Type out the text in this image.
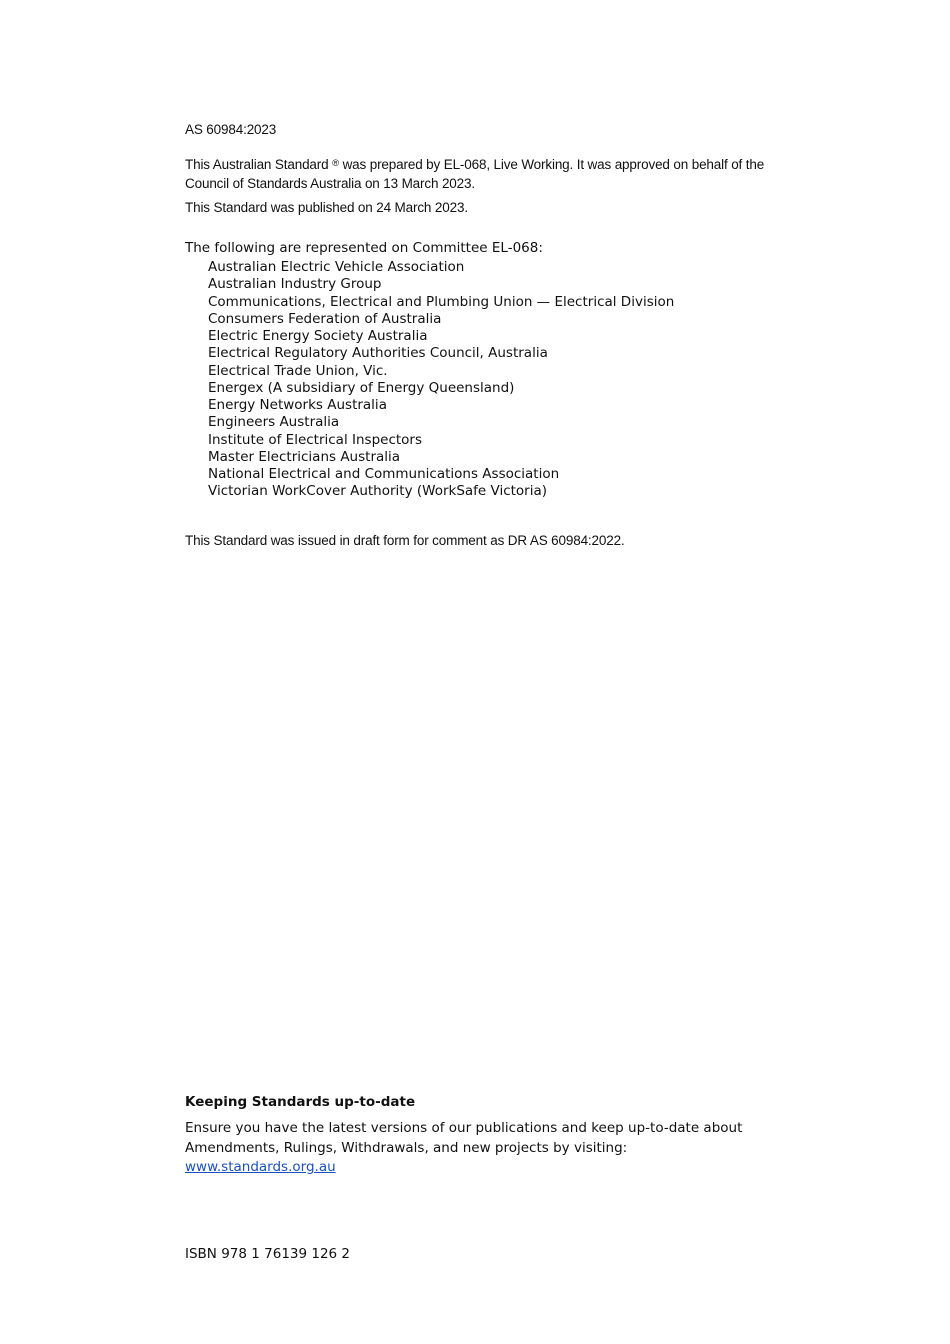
AS 60984:2023

This Australian Standard ® was prepared by EL-068, Live Working. It was approved on behalf of the Council of Standards Australia on 13 March 2023.

This Standard was published on 24 March 2023.
The following are represented on Committee EL-068:
Australian Electric Vehicle Association
Australian Industry Group
Communications, Electrical and Plumbing Union — Electrical Division
Consumers Federation of Australia
Electric Energy Society Australia
Electrical Regulatory Authorities Council, Australia
Electrical Trade Union, Vic.
Energex (A subsidiary of Energy Queensland)
Energy Networks Australia
Engineers Australia
Institute of Electrical Inspectors
Master Electricians Australia
National Electrical and Communications Association
Victorian WorkCover Authority (WorkSafe Victoria)
This Standard was issued in draft form for comment as DR AS 60984:2022.
Keeping Standards up-to-date

Ensure you have the latest versions of our publications and keep up-to-date about Amendments, Rulings, Withdrawals, and new projects by visiting:
www.standards.org.au

ISBN 978 1 76139 126 2
